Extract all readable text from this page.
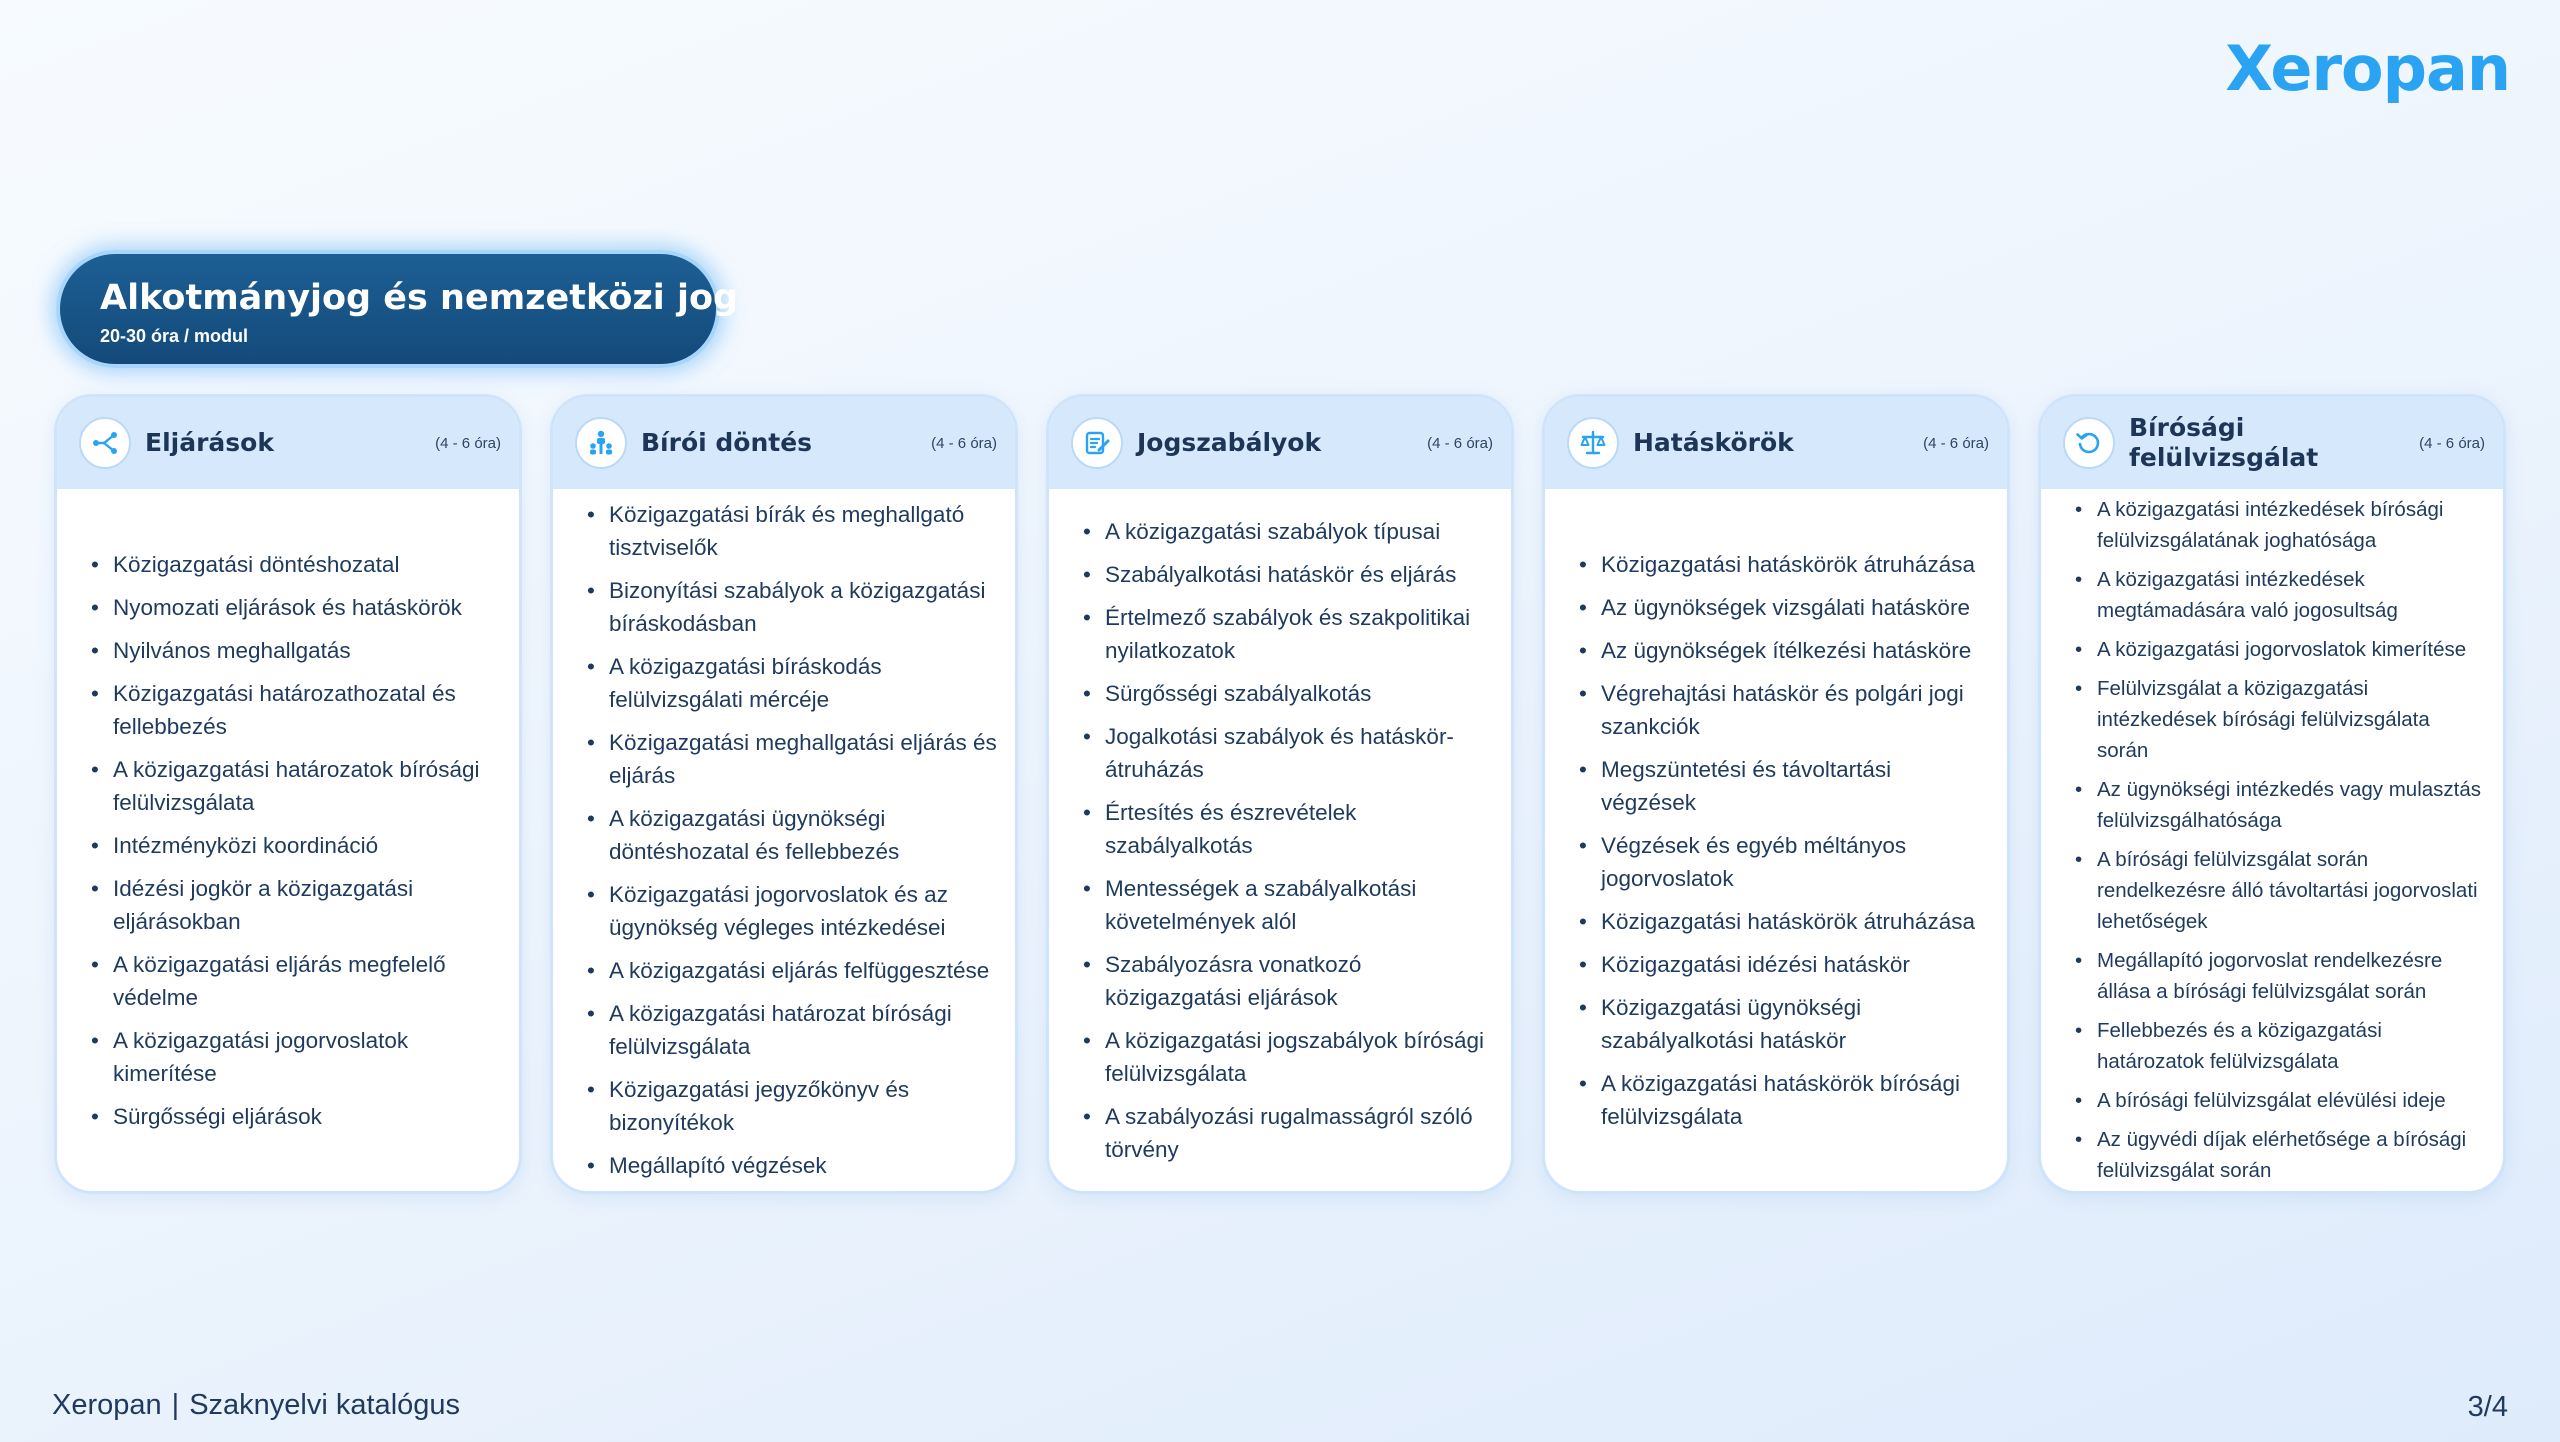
Xeropan
Alkotmányjog és nemzetközi jog
20-30 óra / modul
Eljárások	(4 - 6 óra)
• Közigazgatási döntéshozatal
• Nyomozati eljárások és hatáskörök
• Nyilvános meghallgatás
• Közigazgatási határozathozatal és fellebbezés
• A közigazgatási határozatok bírósági felülvizsgálata
• Intézményközi koordináció
• Idézési jogkör a közigazgatási eljárásokban
• A közigazgatási eljárás megfelelő védelme
• A közigazgatási jogorvoslatok kimerítése
• Sürgősségi eljárások
Bírói döntés	(4 - 6 óra)
• Közigazgatási bírák és meghallgató tisztviselők
• Bizonyítási szabályok a közigazgatási bíráskodásban
• A közigazgatási bíráskodás felülvizsgálati mércéje
• Közigazgatási meghallgatási eljárás és eljárás
• A közigazgatási ügynökségi döntéshozatal és fellebbezés
• Közigazgatási jogorvoslatok és az ügynökség végleges intézkedései
• A közigazgatási eljárás felfüggesztése
• A közigazgatási határozat bírósági felülvizsgálata
• Közigazgatási jegyzőkönyv és bizonyítékok
• Megállapító végzések
Jogszabályok	(4 - 6 óra)
• A közigazgatási szabályok típusai
• Szabályalkotási hatáskör és eljárás
• Értelmező szabályok és szakpolitikai nyilatkozatok
• Sürgősségi szabályalkotás
• Jogalkotási szabályok és hatáskör-átruházás
• Értesítés és észrevételek szabályalkotás
• Mentességek a szabályalkotási követelmények alól
• Szabályozásra vonatkozó közigazgatási eljárások
• A közigazgatási jogszabályok bírósági felülvizsgálata
• A szabályozási rugalmasságról szóló törvény
Hatáskörök	(4 - 6 óra)
• Közigazgatási hatáskörök átruházása
• Az ügynökségek vizsgálati hatásköre
• Az ügynökségek ítélkezési hatásköre
• Végrehajtási hatáskör és polgári jogi szankciók
• Megszüntetési és távoltartási végzések
• Végzések és egyéb méltányos jogorvoslatok
• Közigazgatási hatáskörök átruházása
• Közigazgatási idézési hatáskör
• Közigazgatási ügynökségi szabályalkotási hatáskör
• A közigazgatási hatáskörök bírósági felülvizsgálata
Bírósági felülvizsgálat	(4 - 6 óra)
• A közigazgatási intézkedések bírósági felülvizsgálatának joghatósága
• A közigazgatási intézkedések megtámadására való jogosultság
• A közigazgatási jogorvoslatok kimerítése
• Felülvizsgálat a közigazgatási intézkedések bírósági felülvizsgálata során
• Az ügynökségi intézkedés vagy mulasztás felülvizsgálhatósága
• A bírósági felülvizsgálat során rendelkezésre álló távoltartási jogorvoslati lehetőségek
• Megállapító jogorvoslat rendelkezésre állása a bírósági felülvizsgálat során
• Fellebbezés és a közigazgatási határozatok felülvizsgálata
• A bírósági felülvizsgálat elévülési ideje
• Az ügyvédi díjak elérhetősége a bírósági felülvizsgálat során
Xeropan | Szaknyelvi katalógus	3/4
